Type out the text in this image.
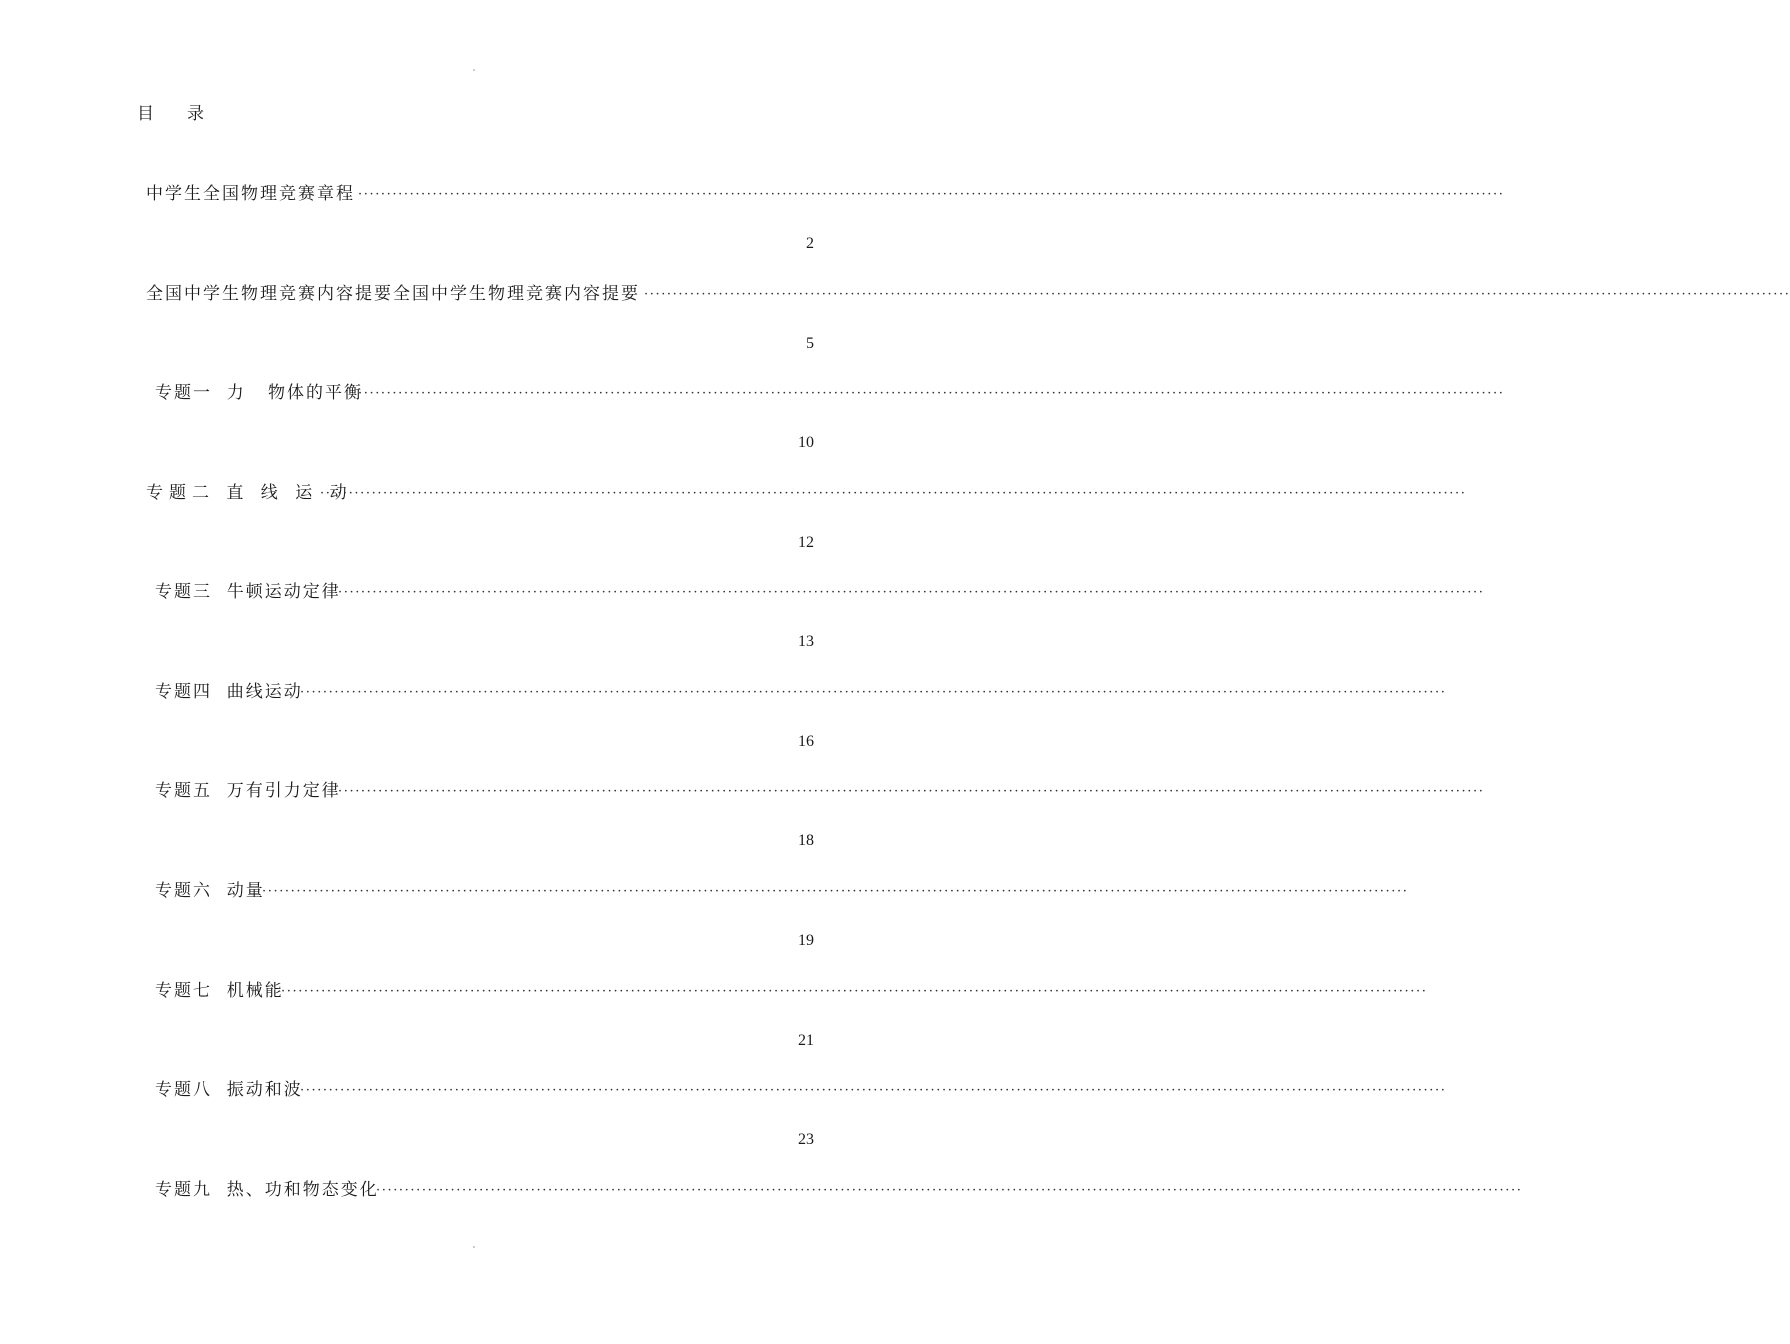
目 录
中学生全国物理竞赛章程 ········································································································································································································
2
全国中学生物理竞赛内容提要全国中学生物理竞赛内容提要 ········································································································································································································
5
专题一  力   物体的平衡
········································································································································································································
10
专题二 直 线 运 动
········································································································································································································
12
专题三  牛顿运动定律
········································································································································································································
13
专题四  曲线运动
········································································································································································································
16
专题五  万有引力定律
········································································································································································································
18
专题六  动量
········································································································································································································
19
专题七  机械能
········································································································································································································
21
专题八  振动和波
········································································································································································································
23
专题九  热、功和物态变化
········································································································································································································
